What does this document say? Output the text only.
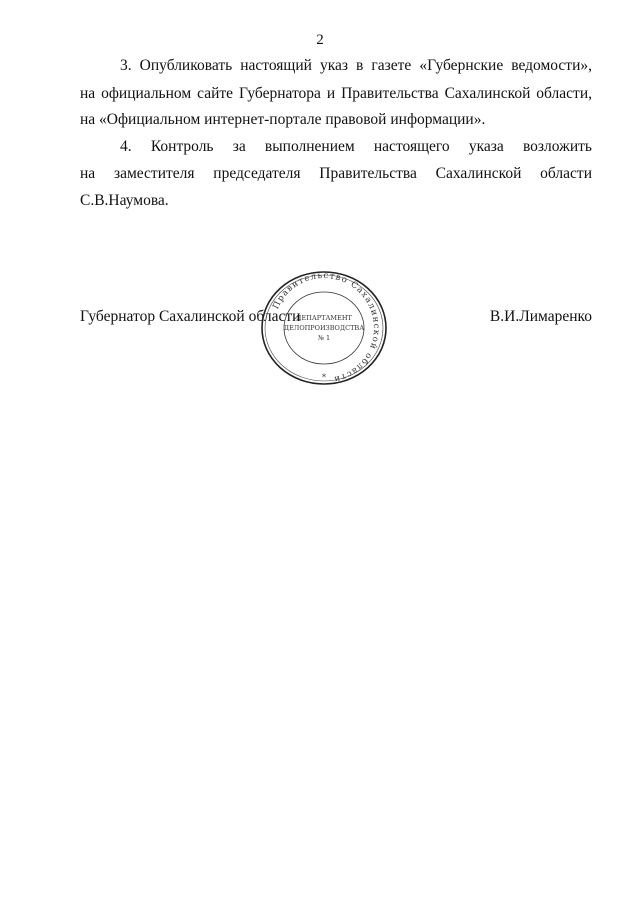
2
3. Опубликовать настоящий указ в газете «Губернские ведомости»,
на официальном сайте Губернатора и Правительства Сахалинской области,
на «Официальном интернет-портале правовой информации».
4. Контроль за выполнением настоящего указа возложить
на заместителя председателя Правительства Сахалинской области
С.В.Наумова.
Губернатор Сахалинской области	В.И.Лимаренко
Правительство Сахалинской области
ДЕПАРТАМЕНТ
ДЕЛОПРОИЗВОДСТВА
№ 1
*
